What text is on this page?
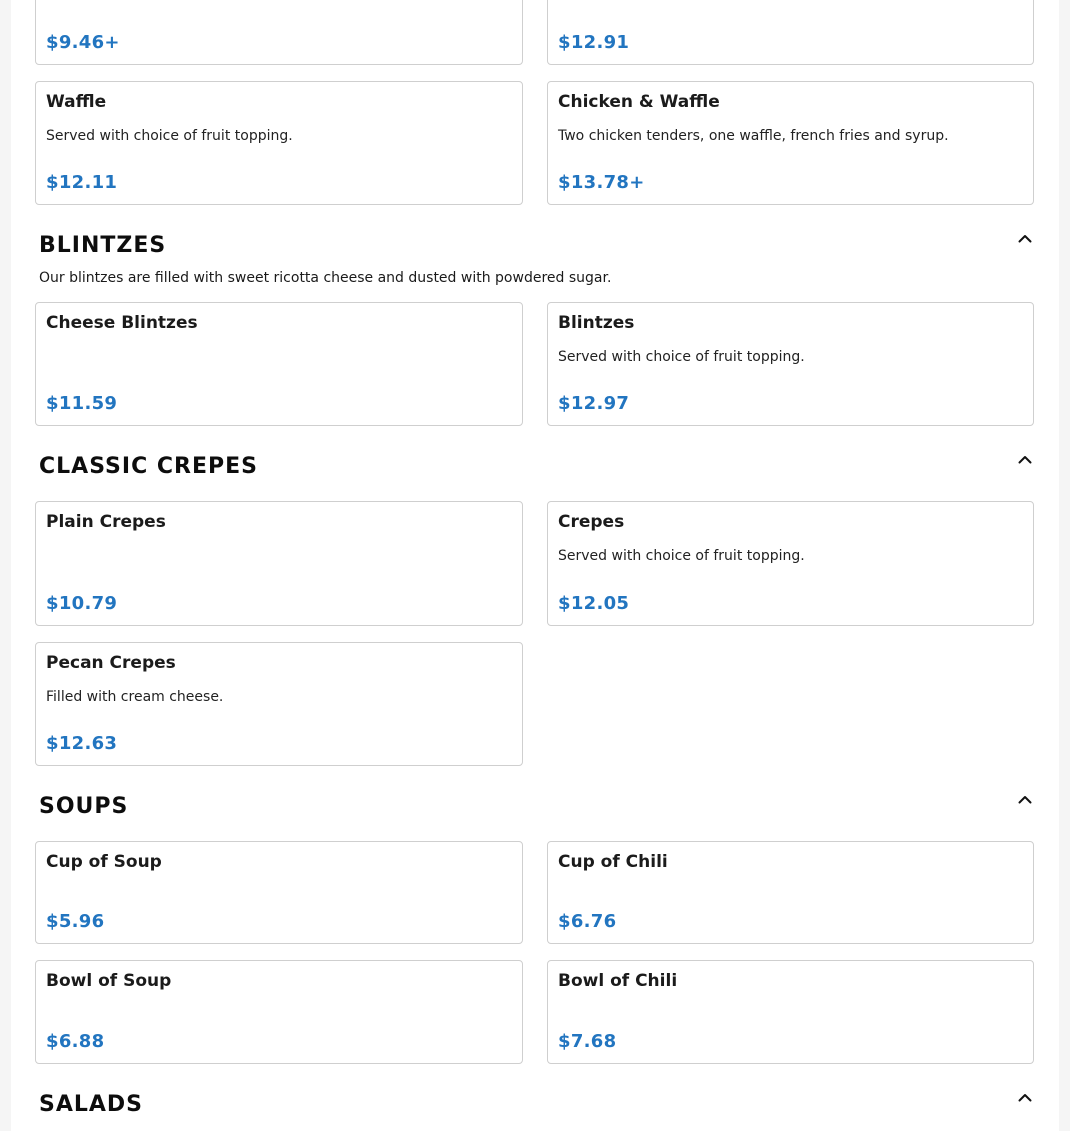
$9.46+	$12.91
Waffle
Served with choice of fruit topping.
$12.11
Chicken & Waffle
Two chicken tenders, one waffle, french fries and syrup.
$13.78+
BLINTZES
Our blintzes are filled with sweet ricotta cheese and dusted with powdered sugar.
Cheese Blintzes
$11.59
Blintzes
Served with choice of fruit topping.
$12.97
CLASSIC CREPES
Plain Crepes
$10.79
Crepes
Served with choice of fruit topping.
$12.05
Pecan Crepes
Filled with cream cheese.
$12.63
SOUPS
Cup of Soup
$5.96
Cup of Chili
$6.76
Bowl of Soup
$6.88
Bowl of Chili
$7.68
SALADS
